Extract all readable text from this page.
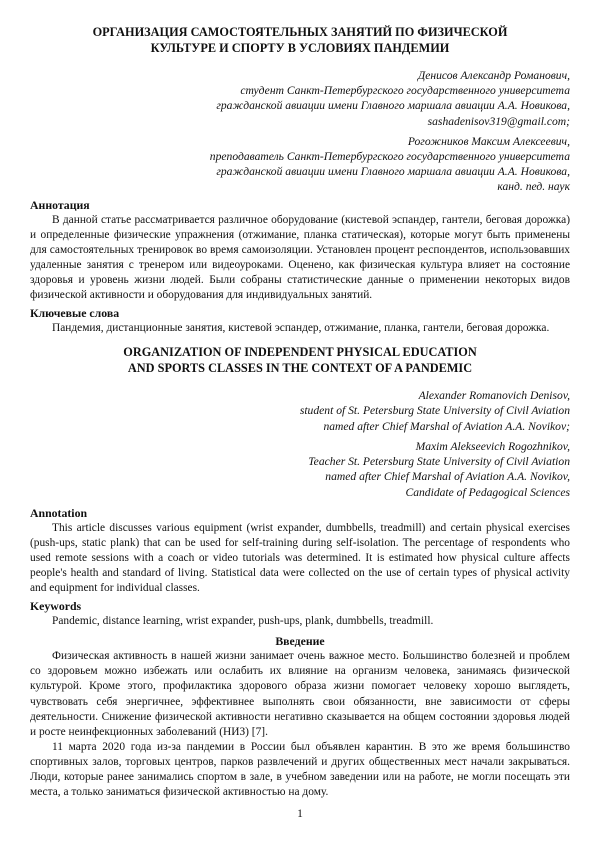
ОРГАНИЗАЦИЯ САМОСТОЯТЕЛЬНЫХ ЗАНЯТИЙ ПО ФИЗИЧЕСКОЙ
КУЛЬТУРЕ И СПОРТУ В УСЛОВИЯХ ПАНДЕМИИ
Денисов Александр Романович,
студент Санкт-Петербургского государственного университета
гражданской авиации имени Главного маршала авиации А.А. Новикова,
sashadenisov319@gmail.com;
Рогожников Максим Алексеевич,
преподаватель Санкт-Петербургского государственного университета
гражданской авиации имени Главного маршала авиации А.А. Новикова,
канд. пед. наук
Аннотация

В данной статье рассматривается различное оборудование (кистевой эспандер, гантели, беговая дорожка) и определенные физические упражнения (отжимание, планка статическая), которые могут быть применены для самостоятельных тренировок во время самоизоляции. Установлен процент респондентов, использовавших удаленные занятия с тренером или видеоуроками. Оценено, как физическая культура влияет на состояние здоровья и уровень жизни людей. Были собраны статистические данные о применении некоторых видов физической активности и оборудования для индивидуальных занятий.

Ключевые слова

Пандемия, дистанционные занятия, кистевой эспандер, отжимание, планка, гантели, беговая дорожка.

ORGANIZATION OF INDEPENDENT PHYSICAL EDUCATION
AND SPORTS CLASSES IN THE CONTEXT OF A PANDEMIC
Alexander Romanovich Denisov,
student of St. Petersburg State University of Civil Aviation
named after Chief Marshal of Aviation A.A. Novikov;
Maxim Alekseevich Rogozhnikov,
Teacher St. Petersburg State University of Civil Aviation
named after Chief Marshal of Aviation A.A. Novikov,
Candidate of Pedagogical Sciences
Annotation

This article discusses various equipment (wrist expander, dumbbells, treadmill) and certain physical exercises (push-ups, static plank) that can be used for self-training during self-isolation. The percentage of respondents who used remote sessions with a coach or video tutorials was determined. It is estimated how physical culture affects people's health and standard of living. Statistical data were collected on the use of certain types of physical activity and equipment for individual classes.

Keywords

Pandemic, distance learning, wrist expander, push-ups, plank, dumbbells, treadmill.

Введение

Физическая активность в нашей жизни занимает очень важное место. Большинство болезней и проблем со здоровьем можно избежать или ослабить их влияние на организм человека, занимаясь физической культурой. Кроме этого, профилактика здорового образа жизни помогает человеку хорошо выглядеть, чувствовать себя энергичнее, эффективнее выполнять свои обязанности, вне зависимости от сферы деятельности. Снижение физической активности негативно сказывается на общем состоянии здоровья людей и росте неинфекционных заболеваний (НИЗ) [7].

11 марта 2020 года из-за пандемии в России был объявлен карантин. В это же время большинство спортивных залов, торговых центров, парков развлечений и других общественных мест начали закрываться. Люди, которые ранее занимались спортом в зале, в учебном заведении или на работе, не могли посещать эти места, а только заниматься физической активностью на дому.

1
